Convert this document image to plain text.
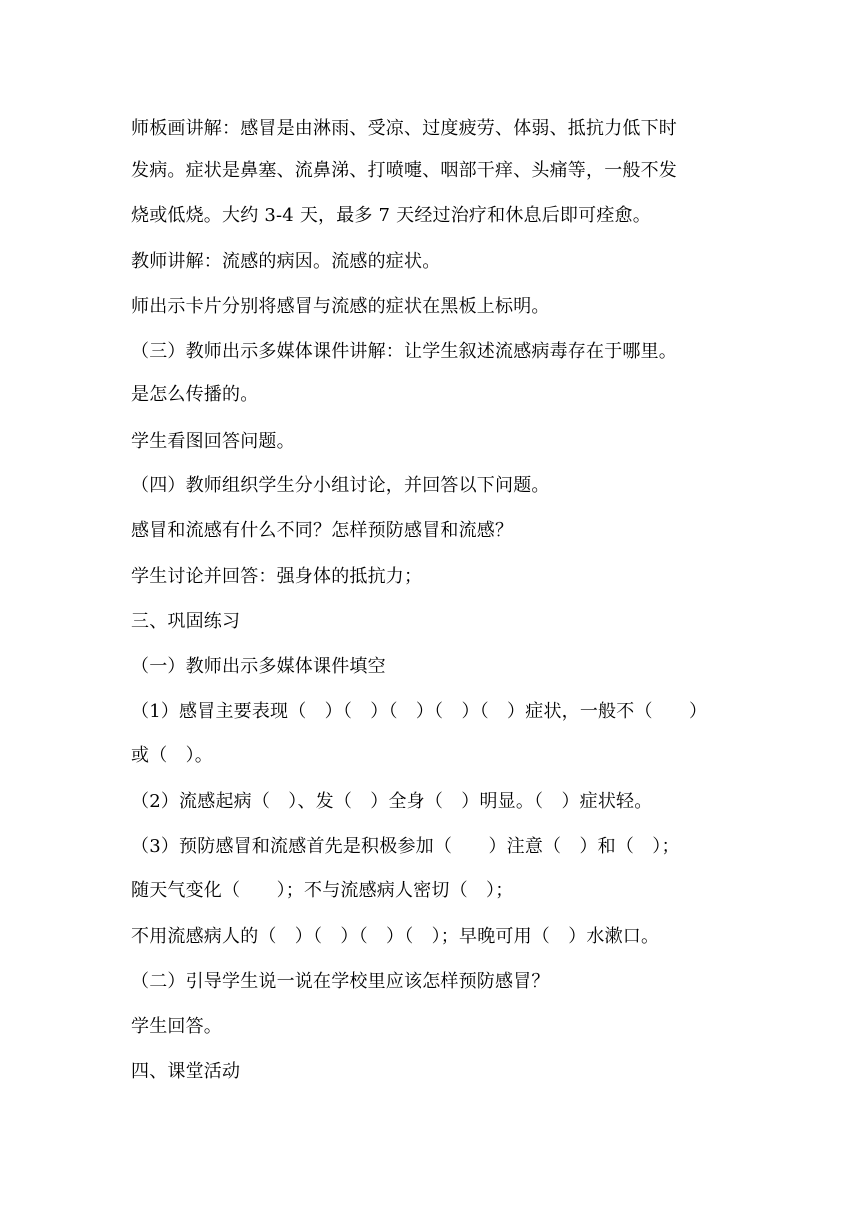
师板画讲解：感冒是由淋雨、受凉、过度疲劳、体弱、抵抗力低下时
发病。症状是鼻塞、流鼻涕、打喷嚏、咽部干痒、头痛等，一般不发
烧或低烧。大约 3-4 天，最多 7 天经过治疗和休息后即可痊愈。
教师讲解：流感的病因。流感的症状。
师出示卡片分别将感冒与流感的症状在黑板上标明。
（三）教师出示多媒体课件讲解：让学生叙述流感病毒存在于哪里。
是怎么传播的。
学生看图回答问题。
（四）教师组织学生分小组讨论，并回答以下问题。
感冒和流感有什么不同？怎样预防感冒和流感？
学生讨论并回答：强身体的抵抗力；
三、巩固练习
（一）教师出示多媒体课件填空
（1）感冒主要表现（　）（　）（　）（　）（　）症状，一般不（　　）
或（　）。
（2）流感起病（　）、发（　）全身（　）明显。（　）症状轻。
（3）预防感冒和流感首先是积极参加（　　）注意（　）和（　）；
随天气变化（　　）；不与流感病人密切（　）；
不用流感病人的（　）（　）（　）（　）；早晚可用（　）水漱口。
（二）引导学生说一说在学校里应该怎样预防感冒？
学生回答。
四、课堂活动
